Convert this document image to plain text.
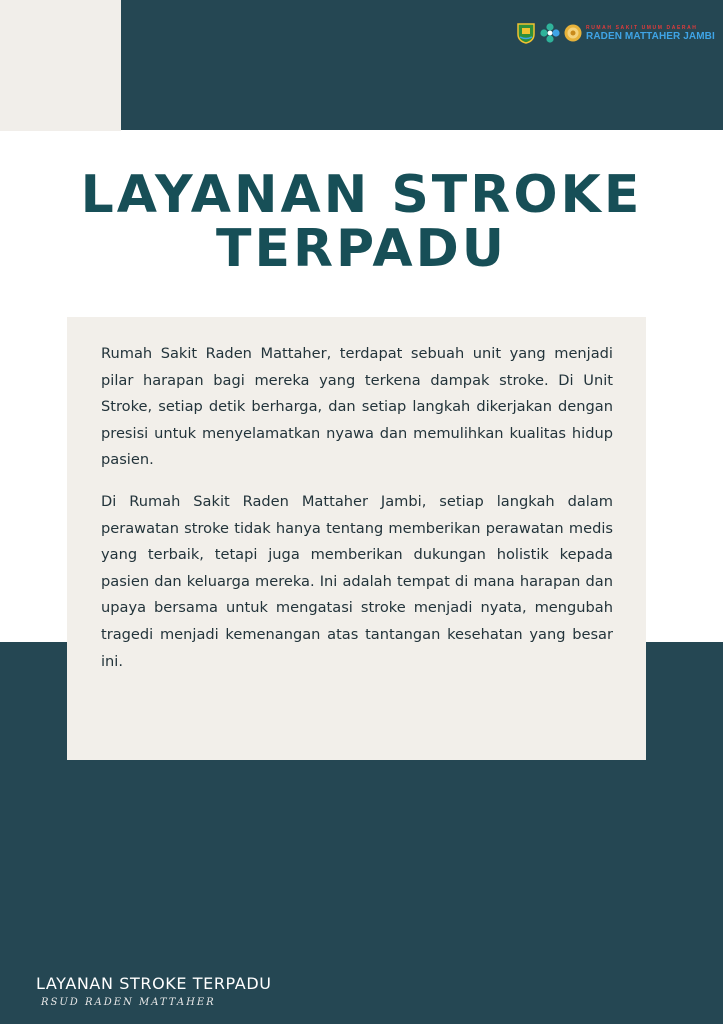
RUMAH SAKIT UMUM DAERAH
RADEN MATTAHER JAMBI
LAYANAN STROKE
TERPADU

Rumah Sakit Raden Mattaher, terdapat sebuah unit yang menjadi pilar harapan bagi mereka yang terkena dampak stroke. Di Unit Stroke, setiap detik berharga, dan setiap langkah dikerjakan dengan presisi untuk menyelamatkan nyawa dan memulihkan kualitas hidup pasien.

Di Rumah Sakit Raden Mattaher Jambi, setiap langkah dalam perawatan stroke tidak hanya tentang memberikan perawatan medis yang terbaik, tetapi juga memberikan dukungan holistik kepada pasien dan keluarga mereka. Ini adalah tempat di mana harapan dan upaya bersama untuk mengatasi stroke menjadi nyata, mengubah tragedi menjadi kemenangan atas tantangan kesehatan yang besar ini.

LAYANAN STROKE TERPADU

RSUD RADEN MATTAHER
